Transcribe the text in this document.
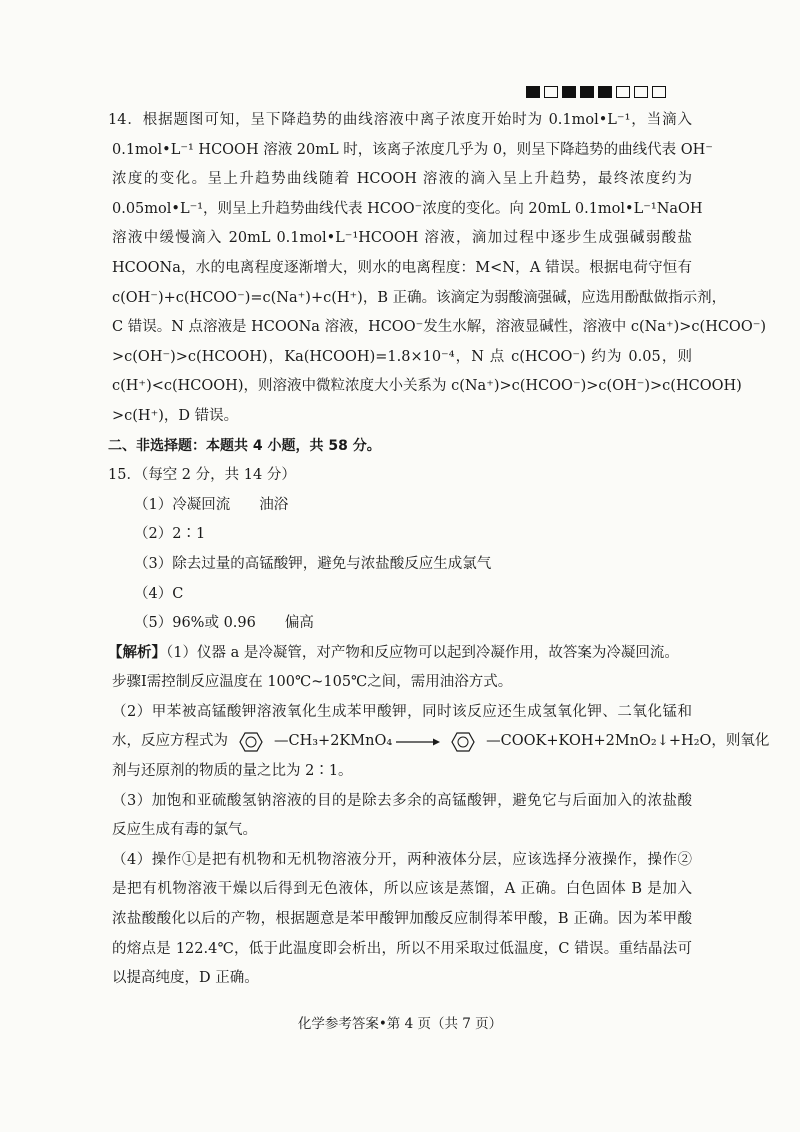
14．根据题图可知，呈下降趋势的曲线溶液中离子浓度开始时为 0.1mol•L⁻¹，当滴入
0.1mol•L⁻¹ HCOOH 溶液 20mL 时，该离子浓度几乎为 0，则呈下降趋势的曲线代表 OH⁻
浓度的变化。呈上升趋势曲线随着 HCOOH 溶液的滴入呈上升趋势，最终浓度约为
0.05mol•L⁻¹，则呈上升趋势曲线代表 HCOO⁻浓度的变化。向 20mL 0.1mol•L⁻¹NaOH
溶液中缓慢滴入 20mL 0.1mol•L⁻¹HCOOH 溶液，滴加过程中逐步生成强碱弱酸盐
HCOONa，水的电离程度逐渐增大，则水的电离程度：M<N，A 错误。根据电荷守恒有
c(OH⁻)+c(HCOO⁻)=c(Na⁺)+c(H⁺)，B 正确。该滴定为弱酸滴强碱，应选用酚酞做指示剂，
C 错误。N 点溶液是 HCOONa 溶液，HCOO⁻发生水解，溶液显碱性，溶液中 c(Na⁺)>c(HCOO⁻)
>c(OH⁻)>c(HCOOH)，Ka(HCOOH)=1.8×10⁻⁴，N 点 c(HCOO⁻) 约为 0.05，则
c(H⁺)<c(HCOOH)，则溶液中微粒浓度大小关系为 c(Na⁺)>c(HCOO⁻)>c(OH⁻)>c(HCOOH)
>c(H⁺)，D 错误。
二、非选择题：本题共 4 小题，共 58 分。
15．（每空 2 分，共 14 分）
（1）冷凝回流　　油浴
（2）2∶1
（3）除去过量的高锰酸钾，避免与浓盐酸反应生成氯气
（4）C
（5）96%或 0.96　　偏高
【解析】（1）仪器 a 是冷凝管，对产物和反应物可以起到冷凝作用，故答案为冷凝回流。
步骤Ⅰ需控制反应温度在 100℃~105℃之间，需用油浴方式。
（2）甲苯被高锰酸钾溶液氧化生成苯甲酸钾，同时该反应还生成氢氧化钾、二氧化锰和
水，反应方程式为	—CH₃+2KMnO₄ →	—COOK+KOH+2MnO₂↓+H₂O，则氧化
剂与还原剂的物质的量之比为 2∶1。
（3）加饱和亚硫酸氢钠溶液的目的是除去多余的高锰酸钾，避免它与后面加入的浓盐酸
反应生成有毒的氯气。
（4）操作①是把有机物和无机物溶液分开，两种液体分层，应该选择分液操作，操作②
是把有机物溶液干燥以后得到无色液体，所以应该是蒸馏，A 正确。白色固体 B 是加入
浓盐酸酸化以后的产物，根据题意是苯甲酸钾加酸反应制得苯甲酸，B 正确。因为苯甲酸
的熔点是 122.4℃，低于此温度即会析出，所以不用采取过低温度，C 错误。重结晶法可
以提高纯度，D 正确。
化学参考答案•第 4 页（共 7 页）
